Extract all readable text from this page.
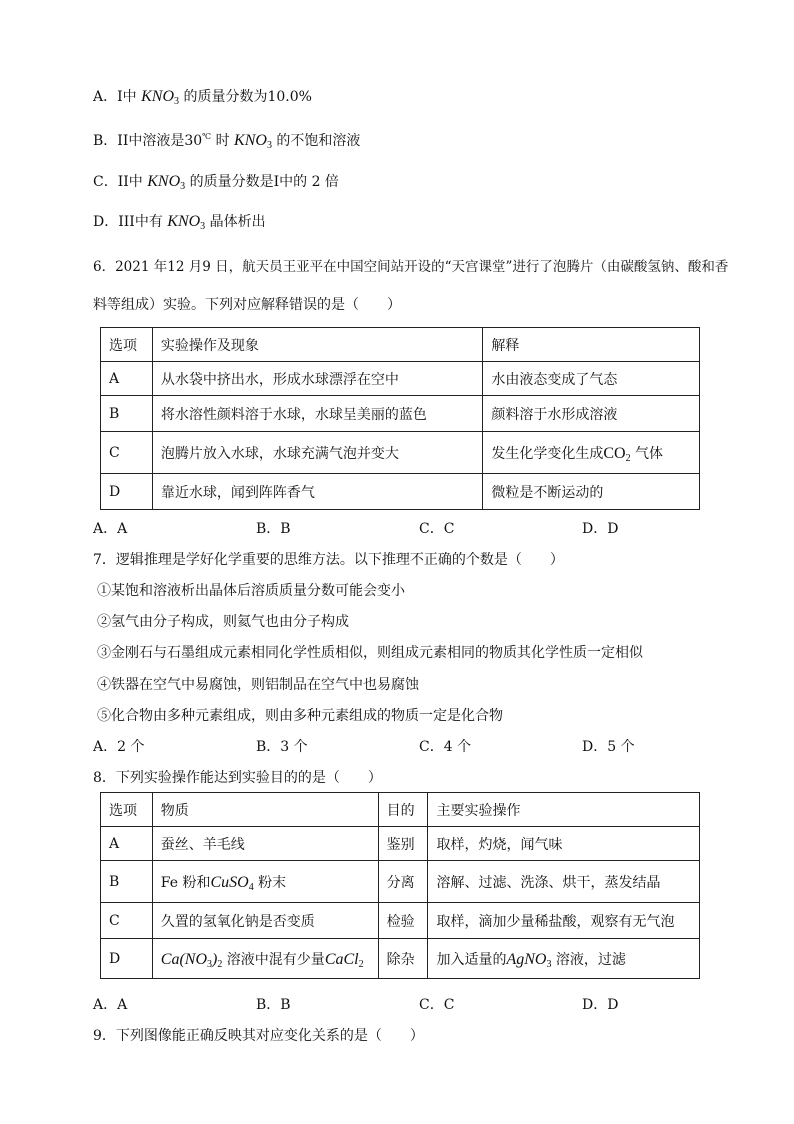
A．I中 $KNO_3$ 的质量分数为10.0%
B．II中溶液是30℃ 时 $KNO_3$ 的不饱和溶液
C．II中 $KNO_3$ 的质量分数是I中的 2 倍
D．III中有 $KNO_3$ 晶体析出
6．2021 年12 月9 日，航天员王亚平在中国空间站开设的“天宫课堂”进行了泡腾片（由碳酸氢钠、酸和香
料等组成）实验。下列对应解释错误的是（　　）
选项	实验操作及现象	解释
A	从水袋中挤出水，形成水球漂浮在空中	水由液态变成了气态
B	将水溶性颜料溶于水球，水球呈美丽的蓝色	颜料溶于水形成溶液
C	泡腾片放入水球，水球充满气泡并变大	发生化学变化生成$CO_2$ 气体
D	靠近水球，闻到阵阵香气	微粒是不断运动的
A．A	B．B	C．C	D．D
7．逻辑推理是学好化学重要的思维方法。以下推理不正确的个数是（　　）
①某饱和溶液析出晶体后溶质质量分数可能会变小
②氢气由分子构成，则氦气也由分子构成
③金刚石与石墨组成元素相同化学性质相似，则组成元素相同的物质其化学性质一定相似
④铁器在空气中易腐蚀，则铝制品在空气中也易腐蚀
⑤化合物由多种元素组成，则由多种元素组成的物质一定是化合物
A．2 个	B．3 个	C．4 个	D．5 个
8．下列实验操作能达到实验目的的是（　　）
选项	物质	目的	主要实验操作
A	蚕丝、羊毛线	鉴别	取样，灼烧，闻气味
B	Fe 粉和CuSO$_4$ 粉末	分离	溶解、过滤、洗涤、烘干，蒸发结晶
C	久置的氢氧化钠是否变质	检验	取样，滴加少量稀盐酸，观察有无气泡
D	$Ca(NO_3)_2$ 溶液中混有少量CaCl$_2$	除杂	加入适量的AgNO$_3$ 溶液，过滤
A．A	B．B	C．C	D．D
9．下列图像能正确反映其对应变化关系的是（　　）
